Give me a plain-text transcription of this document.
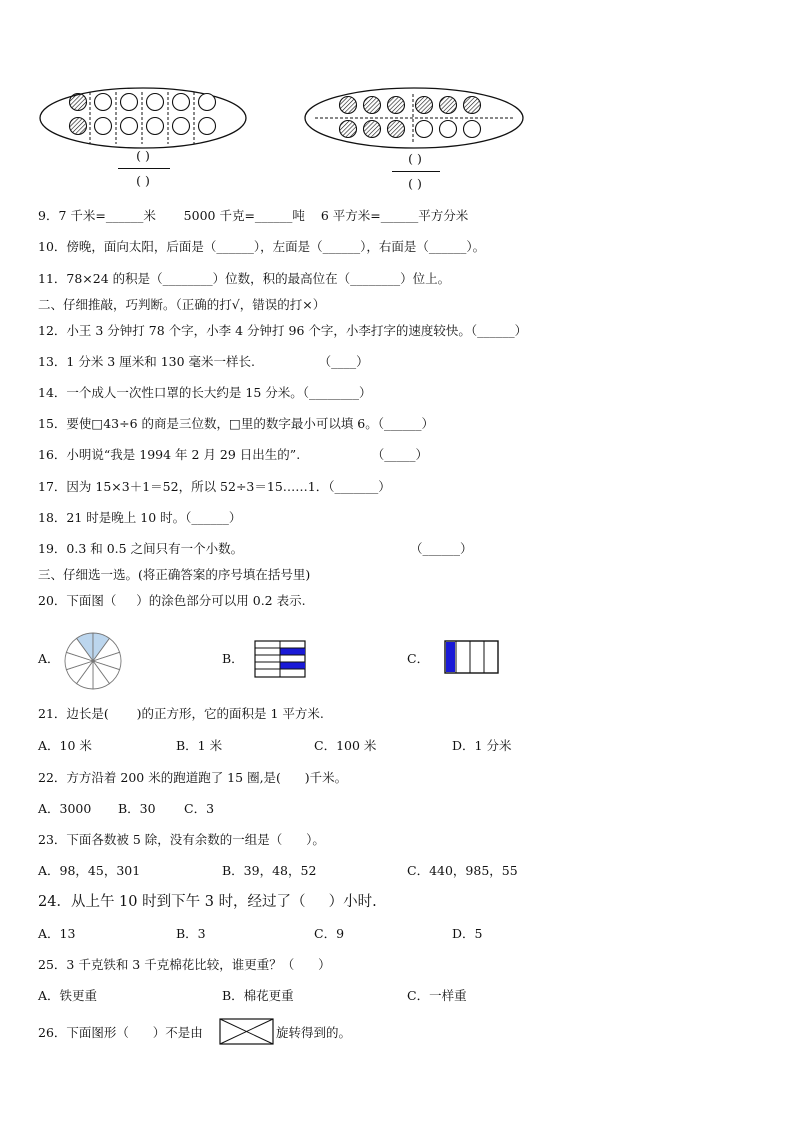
( )
( )
( )
( )
9．7 千米=______米       5000 千克=______吨    6 平方米=______平方分米
10．傍晚，面向太阳，后面是（______），左面是（______），右面是（______）。
11．78×24 的积是（________）位数，积的最高位在（________）位上。
二、仔细推敲，巧判断。（正确的打√，错误的打×）
12．小王 3 分钟打 78 个字，小李 4 分钟打 96 个字，小李打字的速度较快。（______）
13．1 分米 3 厘米和 130 毫米一样长.                （____）
14．一个成人一次性口罩的长大约是 15 分米。（________）
15．要使□43÷6 的商是三位数，□里的数字最小可以填 6。（______）
16．小明说“我是 1994 年 2 月 29 日出生的”.                  （_____）
17．因为 15×3＋1＝52，所以 52÷3＝15……1．（_______）
18．21 时是晚上 10 时。（______）
19．0.3 和 0.5 之间只有一个小数。                                          （______）
三、仔细选一选。(将正确答案的序号填在括号里)
20．下面图（     ）的涂色部分可以用 0.2 表示.
A．	B．	C．
21．边长是(       )的正方形，它的面积是 1 平方米.
A．10 米	B．1 米	C．100 米	D．1 分米
22．方方沿着 200 米的跑道跑了 15 圈,是(      )千米。
A．3000 B．30 C．3
23．下面各数被 5 除，没有余数的一组是（      ）。
A．98，45，301	B．39，48，52	C．440，985，55
24．从上午 10 时到下午 3 时，经过了（     ）小时.
A．13	B．3	C．9	D．5
25．3 千克铁和 3 千克棉花比较，谁更重？（      ）
A．铁更重	B．棉花更重	C．一样重
26．下面图形（      ）不是由	旋转得到的。
